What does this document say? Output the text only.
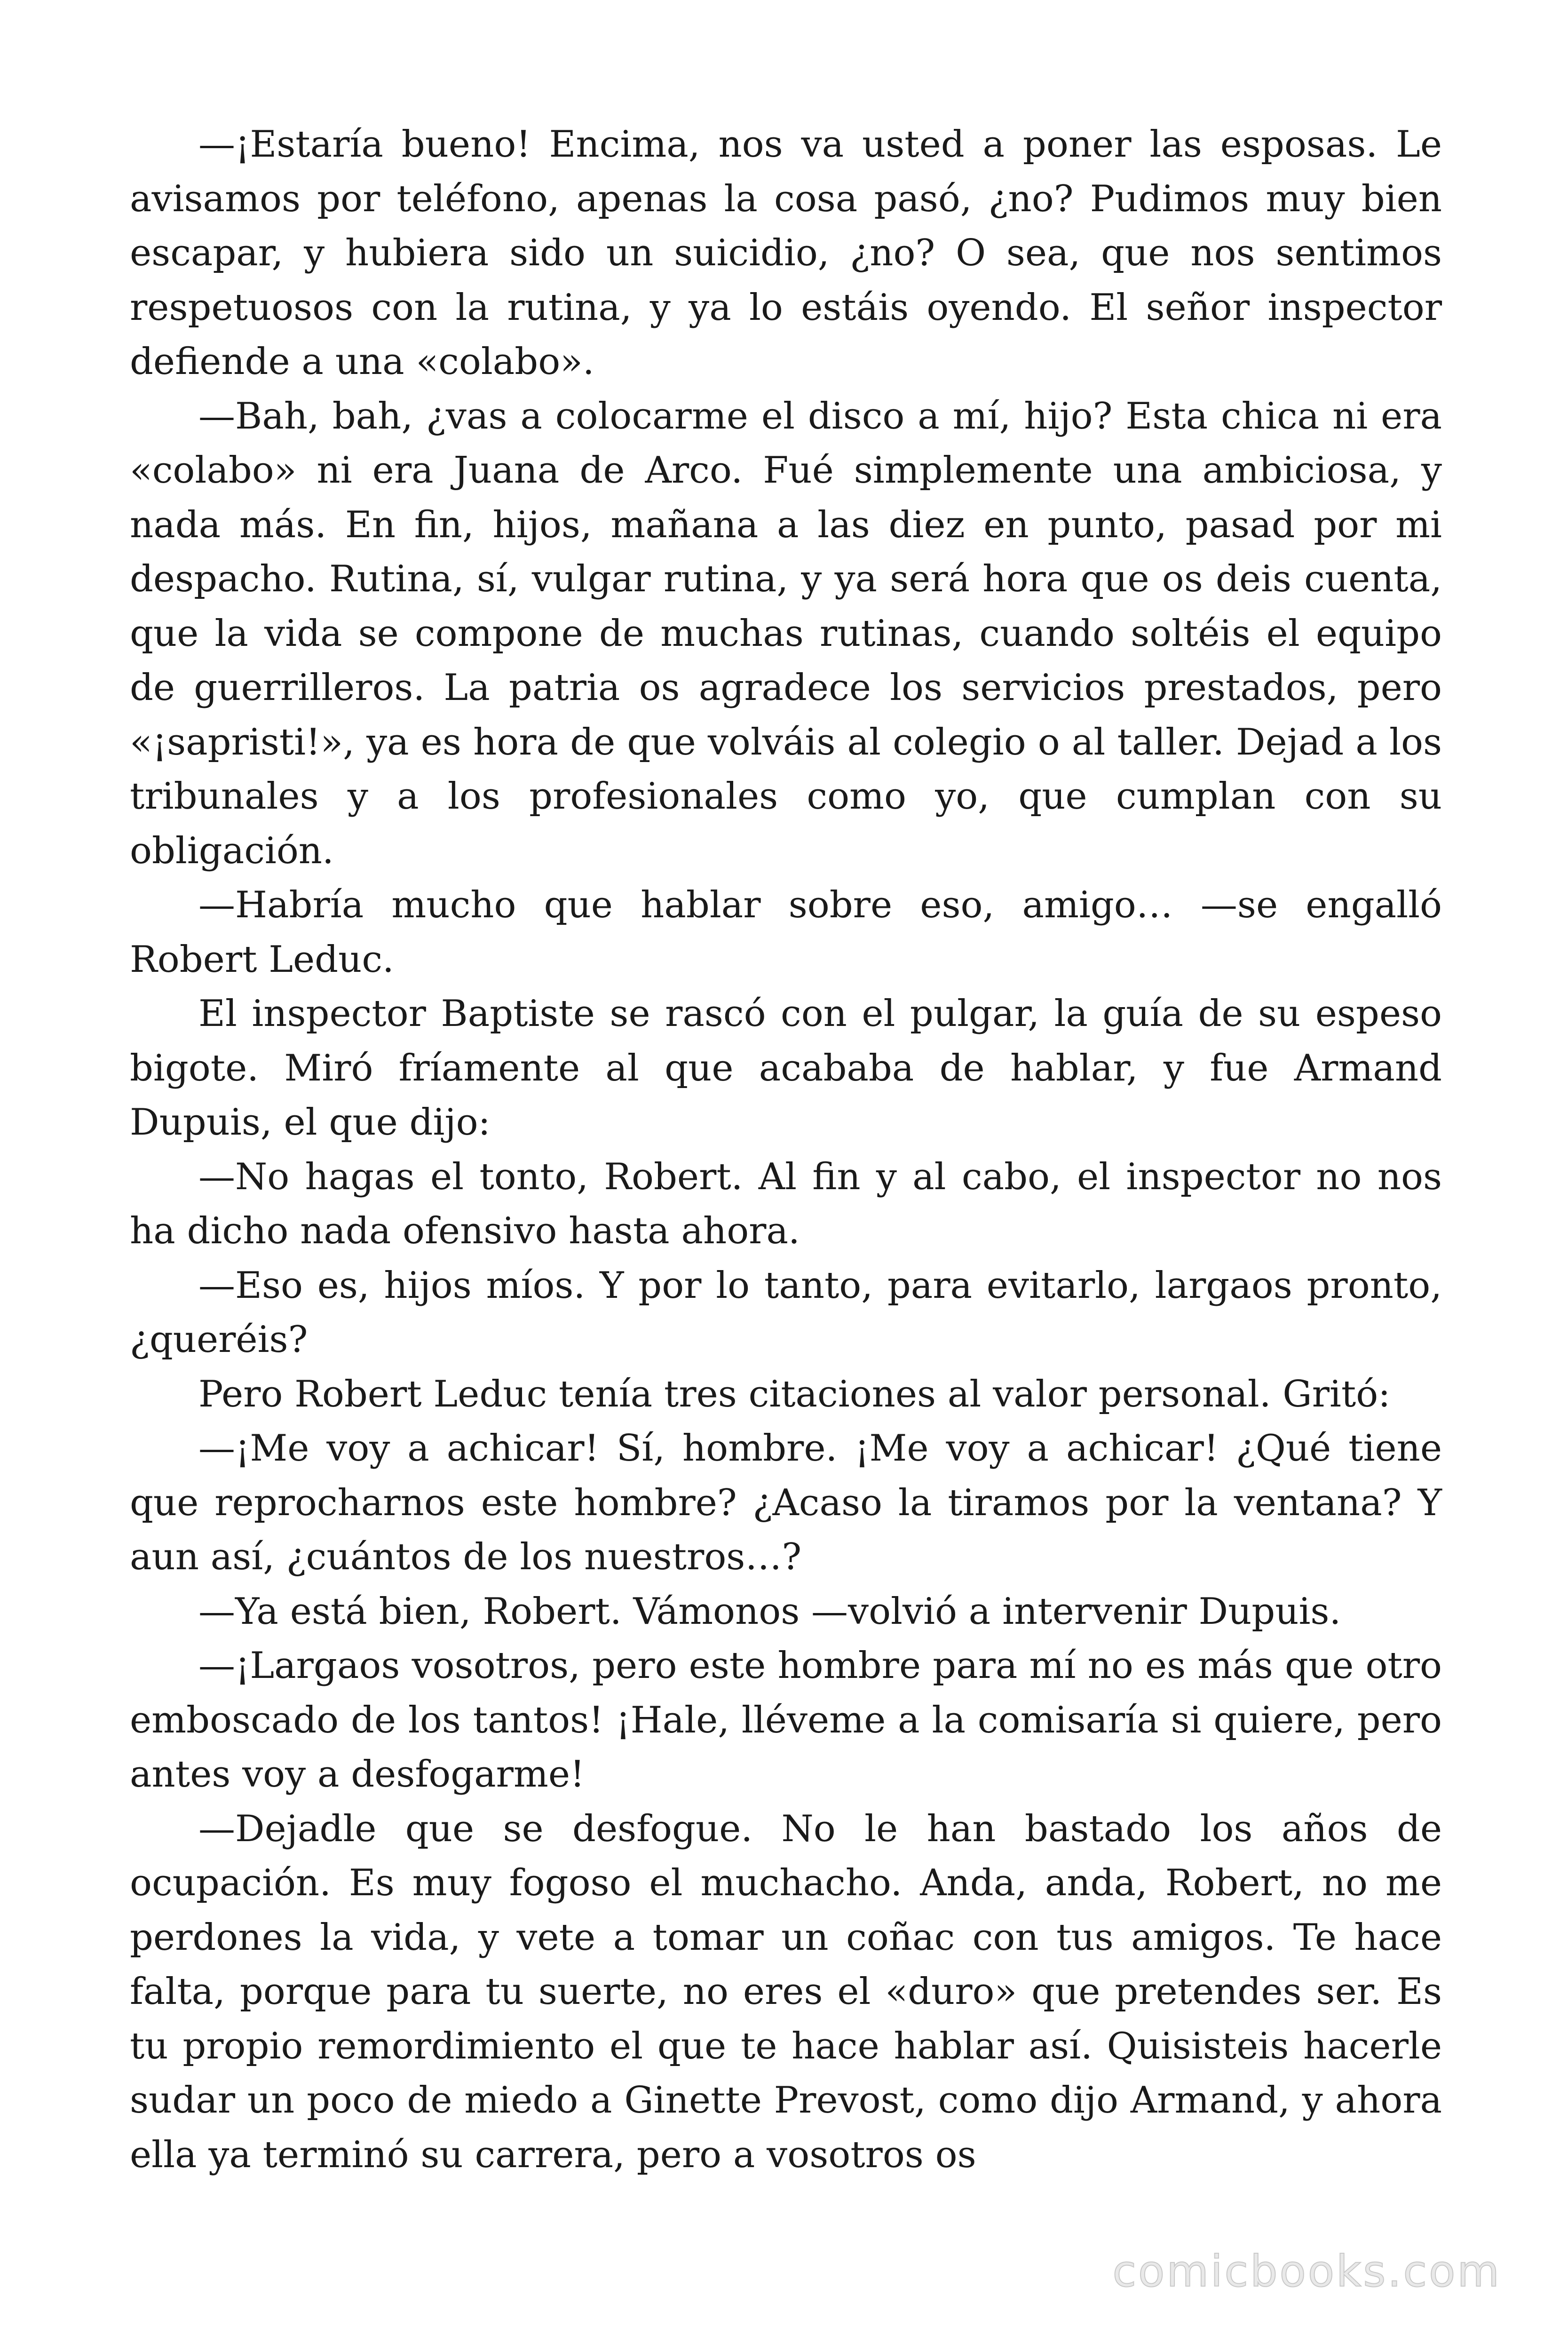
—¡Estaría bueno! Encima, nos va usted a poner las esposas. Le avisamos por teléfono, apenas la cosa pasó, ¿no? Pudimos muy bien escapar, y hubiera sido un suicidio, ¿no? O sea, que nos sentimos respetuosos con la rutina, y ya lo estáis oyendo. El señor inspector defiende a una «colabo».

—Bah, bah, ¿vas a colocarme el disco a mí, hijo? Esta chica ni era «colabo» ni era Juana de Arco. Fué simplemente una ambiciosa, y nada más. En fin, hijos, mañana a las diez en punto, pasad por mi despacho. Rutina, sí, vulgar rutina, y ya será hora que os deis cuenta, que la vida se compone de muchas rutinas, cuando soltéis el equipo de guerrilleros. La patria os agradece los servicios prestados, pero «¡sapristi!», ya es hora de que volváis al colegio o al taller. Dejad a los tribunales y a los profesionales como yo, que cumplan con su obligación.

—Habría mucho que hablar sobre eso, amigo… —se engalló Robert Leduc.

El inspector Baptiste se rascó con el pulgar, la guía de su espeso bigote. Miró fríamente al que acababa de hablar, y fue Armand Dupuis, el que dijo:

—No hagas el tonto, Robert. Al fin y al cabo, el inspector no nos ha dicho nada ofensivo hasta ahora.

—Eso es, hijos míos. Y por lo tanto, para evitarlo, largaos pronto, ¿queréis?

Pero Robert Leduc tenía tres citaciones al valor personal. Gritó:

—¡Me voy a achicar! Sí, hombre. ¡Me voy a achicar! ¿Qué tiene que reprocharnos este hombre? ¿Acaso la tiramos por la ventana? Y aun así, ¿cuántos de los nuestros…?

—Ya está bien, Robert. Vámonos —volvió a intervenir Dupuis.

—¡Largaos vosotros, pero este hombre para mí no es más que otro emboscado de los tantos! ¡Hale, lléveme a la comisaría si quiere, pero antes voy a desfogarme!

—Dejadle que se desfogue. No le han bastado los años de ocupación. Es muy fogoso el muchacho. Anda, anda, Robert, no me perdones la vida, y vete a tomar un coñac con tus amigos. Te hace falta, porque para tu suerte, no eres el «duro» que pretendes ser. Es tu propio remordimiento el que te hace hablar así. Quisisteis hacerle sudar un poco de miedo a Ginette Prevost, como dijo Armand, y ahora ella ya terminó su carrera, pero a vosotros os

comicbooks.com
